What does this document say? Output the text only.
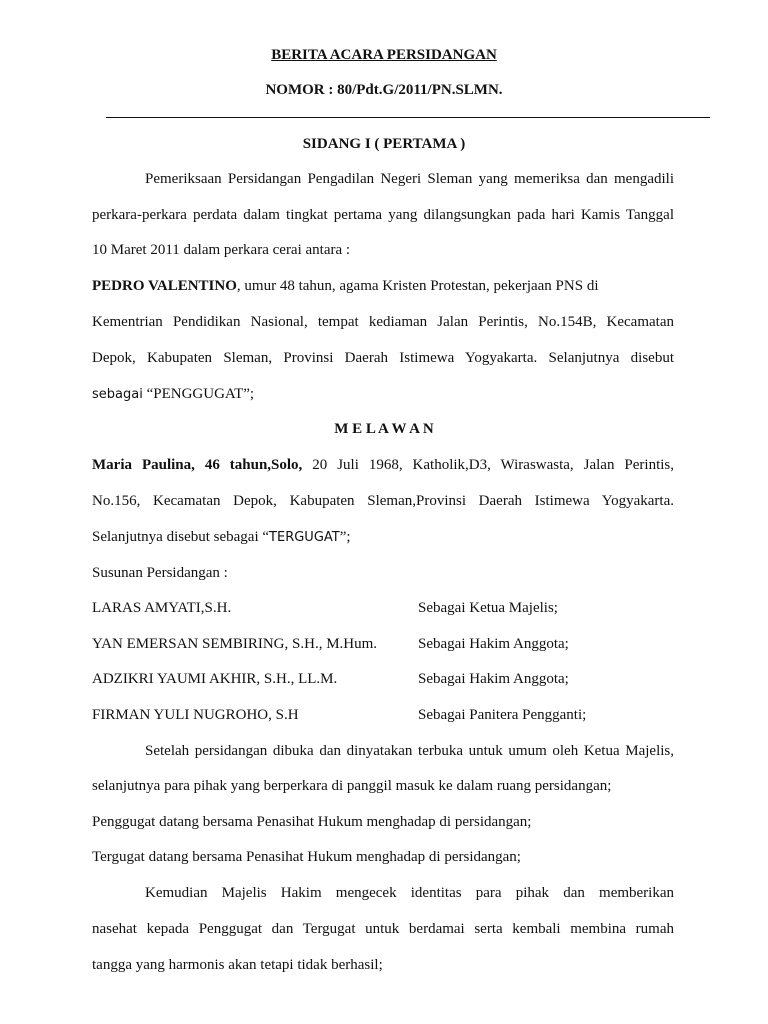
BERITA ACARA PERSIDANGAN
NOMOR : 80/Pdt.G/2011/PN.SLMN.
SIDANG I ( PERTAMA )
Pemeriksaan Persidangan Pengadilan Negeri Sleman yang memeriksa dan mengadili
perkara-perkara perdata dalam tingkat pertama yang dilangsungkan pada hari Kamis Tanggal
10 Maret 2011 dalam perkara cerai antara :
PEDRO VALENTINO, umur 48 tahun, agama Kristen Protestan, pekerjaan PNS di
Kementrian Pendidikan Nasional, tempat kediaman Jalan Perintis, No.154B, Kecamatan
Depok, Kabupaten Sleman, Provinsi Daerah Istimewa Yogyakarta. Selanjutnya disebut
sebagai “PENGGUGAT”;
M E L A W A N
Maria Paulina, 46 tahun,Solo, 20 Juli 1968, Katholik,D3, Wiraswasta, Jalan Perintis,
No.156, Kecamatan Depok, Kabupaten Sleman,Provinsi Daerah Istimewa Yogyakarta.
Selanjutnya disebut sebagai “TERGUGAT”;
Susunan Persidangan :
LARAS AMYATI,S.H.	Sebagai Ketua Majelis;
YAN EMERSAN SEMBIRING, S.H., M.Hum.	Sebagai Hakim Anggota;
ADZIKRI YAUMI AKHIR, S.H., LL.M.	Sebagai Hakim Anggota;
FIRMAN YULI NUGROHO, S.H	Sebagai Panitera Pengganti;
Setelah persidangan dibuka dan dinyatakan terbuka untuk umum oleh Ketua Majelis,
selanjutnya para pihak yang berperkara di panggil masuk ke dalam ruang persidangan;
Penggugat datang bersama Penasihat Hukum menghadap di persidangan;
Tergugat datang bersama Penasihat Hukum menghadap di persidangan;
Kemudian Majelis Hakim mengecek identitas para pihak dan memberikan
nasehat kepada Penggugat dan Tergugat untuk berdamai serta kembali membina rumah
tangga yang harmonis akan tetapi tidak berhasil;
